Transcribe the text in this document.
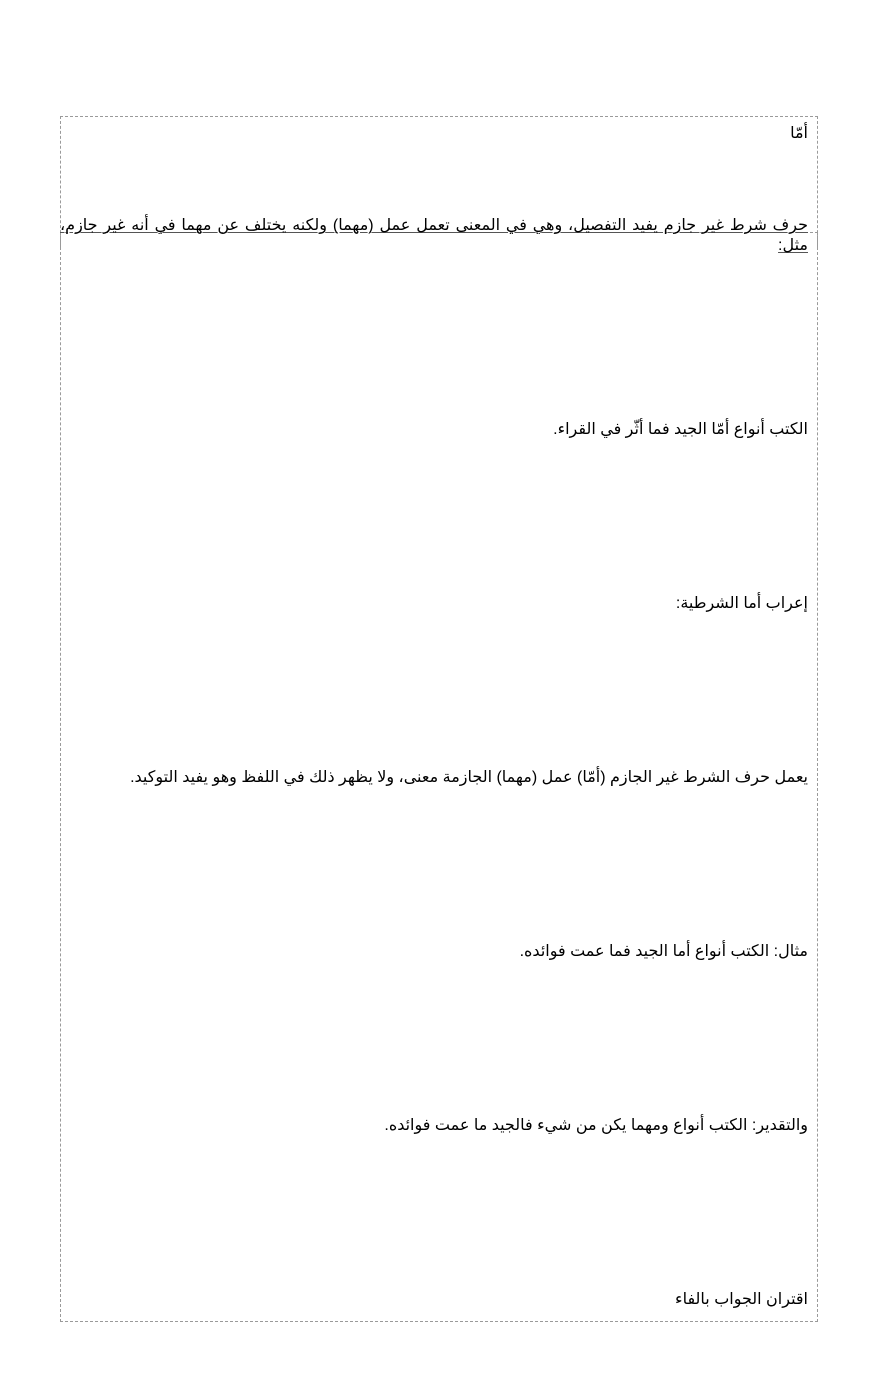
أمّا

حرف شرط غير جازم يفيد التفصيل، وهي في المعنى تعمل عمل (مهما) ولكنه يختلف عن مهما في أنه غير جازم، مثل:

الكتب أنواع أمّا الجيد فما أثّر في القراء.

إعراب أما الشرطية:

يعمل حرف الشرط غير الجازم (أمّا) عمل (مهما) الجازمة معنى، ولا يظهر ذلك في اللفظ وهو يفيد التوكيد.

مثال: الكتب أنواع أما الجيد فما عمت فوائده.

والتقدير: الكتب أنواع ومهما يكن من شيء فالجيد ما عمت فوائده.

اقتران الجواب بالفاء
